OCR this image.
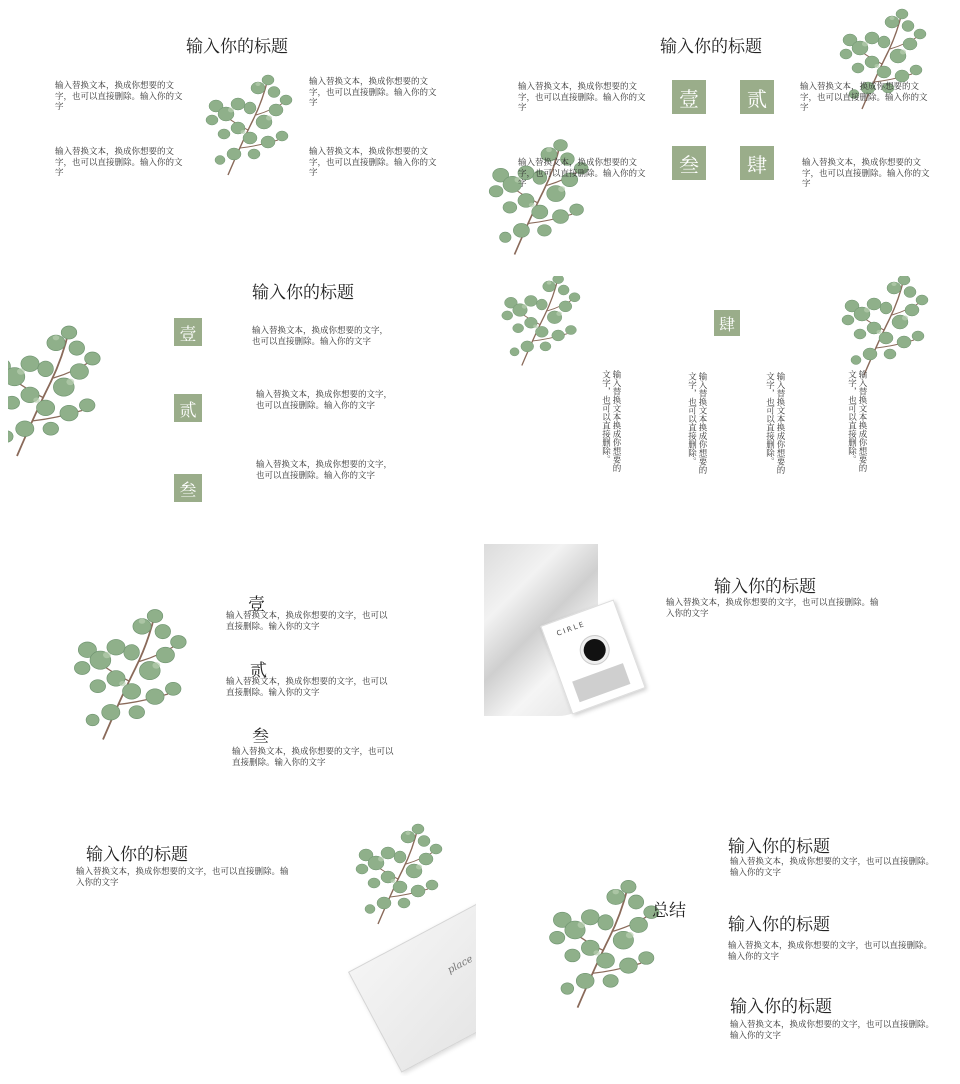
输入你的标题
输入替换文本，换成你想要的文字，也可以直接删除。输入你的文字
输入替换文本，换成你想要的文字，也可以直接删除。输入你的文字
输入替换文本，换成你想要的文字，也可以直接删除。输入你的文字
输入替换文本，换成你想要的文字，也可以直接删除。输入你的文字
输入你的标题
输入替换文本，换成你想要的文字，也可以直接删除。输入你的文字
输入替换文本，换成你想要的文字，也可以直接删除。输入你的文字
输入替换文本，换成你想要的文字，也可以直接删除。输入你的文字
输入替换文本，换成你想要的文字，也可以直接删除。输入你的文字
壹	贰
叁	肆
输入你的标题
壹
贰
叁
输入替换文本，换成你想要的文字，也可以直接删除。输入你的文字
输入替换文本，换成你想要的文字，也可以直接删除。输入你的文字
输入替换文本，换成你想要的文字，也可以直接删除。输入你的文字
肆
输入替换文本换成你想要的文字，也可以直接删除。	输入替换文本换成你想要的文字，也可以直接删除。	输入替换文本换成你想要的文字，也可以直接删除。	输入替换文本换成你想要的文字，也可以直接删除。
壹
输入替换文本，换成你想要的文字，也可以直接删除。输入你的文字
贰
输入替换文本，换成你想要的文字，也可以直接删除。输入你的文字
叁
输入替换文本，换成你想要的文字，也可以直接删除。输入你的文字
CIRLE
输入你的标题
输入替换文本，换成你想要的文字，也可以直接删除。输入你的文字
输入你的标题
输入替换文本，换成你想要的文字，也可以直接删除。输入你的文字
place
总结
输入你的标题
输入替换文本，换成你想要的文字，也可以直接删除。输入你的文字
输入你的标题
输入替换文本，换成你想要的文字，也可以直接删除。输入你的文字
输入你的标题
输入替换文本，换成你想要的文字，也可以直接删除。输入你的文字
